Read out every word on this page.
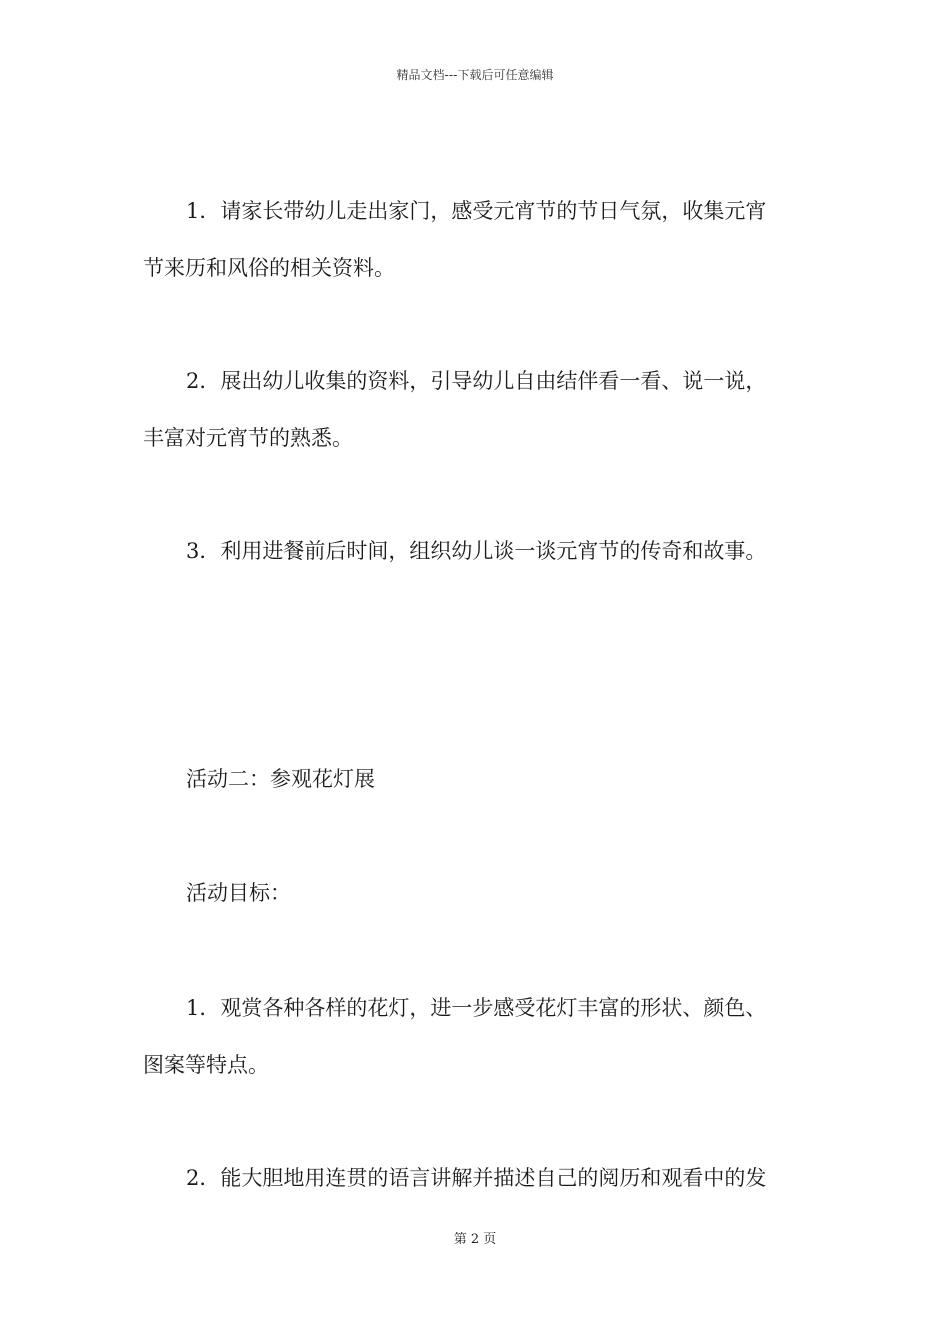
精品文档---下载后可任意编辑
1．请家长带幼儿走出家门，感受元宵节的节日气氛，收集元宵
节来历和风俗的相关资料。
2．展出幼儿收集的资料，引导幼儿自由结伴看一看、说一说，
丰富对元宵节的熟悉。
3．利用进餐前后时间，组织幼儿谈一谈元宵节的传奇和故事。
活动二：参观花灯展
活动目标：
1．观赏各种各样的花灯，进一步感受花灯丰富的形状、颜色、
图案等特点。
2．能大胆地用连贯的语言讲解并描述自己的阅历和观看中的发
第 2 页
